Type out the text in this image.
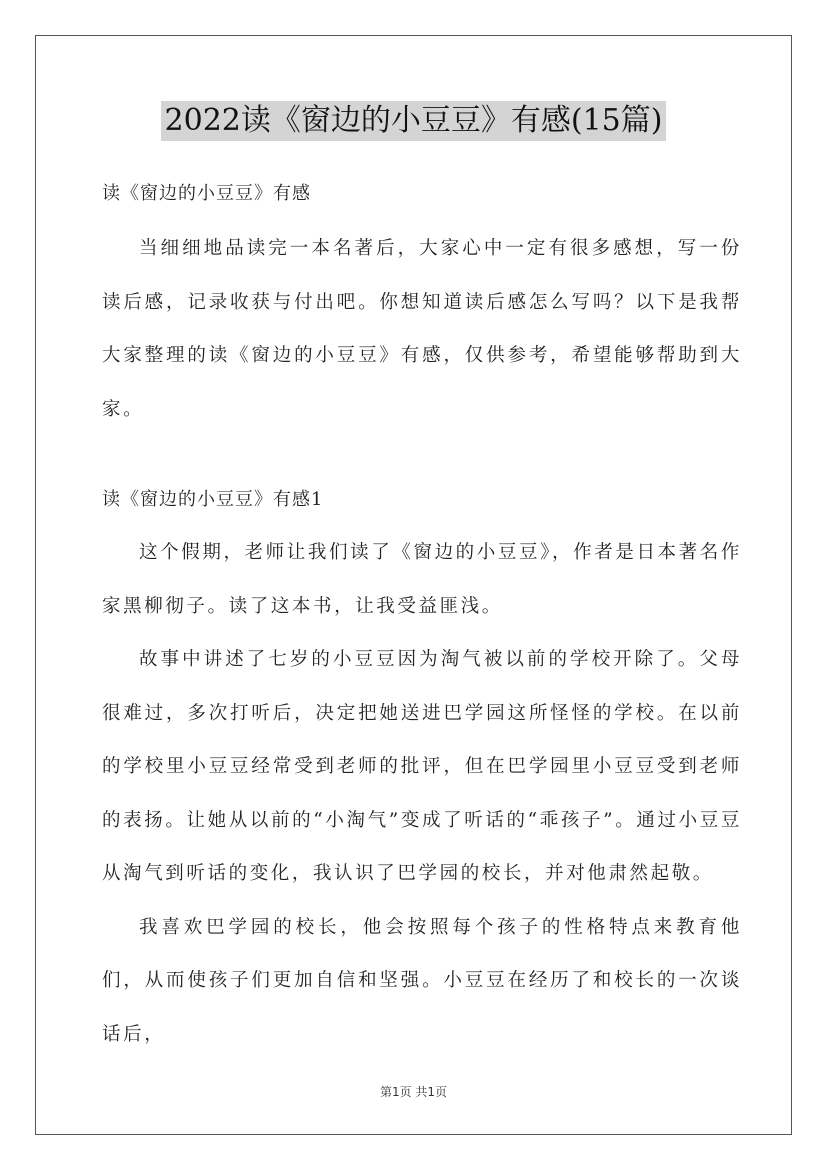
2022读《窗边的小豆豆》有感(15篇)

读《窗边的小豆豆》有感

当细细地品读完一本名著后，大家心中一定有很多感想，写一份读后感，记录收获与付出吧。你想知道读后感怎么写吗？以下是我帮大家整理的读《窗边的小豆豆》有感，仅供参考，希望能够帮助到大家。

读《窗边的小豆豆》有感1

这个假期，老师让我们读了《窗边的小豆豆》，作者是日本著名作家黑柳彻子。读了这本书，让我受益匪浅。

故事中讲述了七岁的小豆豆因为淘气被以前的学校开除了。父母很难过，多次打听后，决定把她送进巴学园这所怪怪的学校。在以前的学校里小豆豆经常受到老师的批评，但在巴学园里小豆豆受到老师的表扬。让她从以前的“小淘气”变成了听话的“乖孩子”。通过小豆豆从淘气到听话的变化，我认识了巴学园的校长，并对他肃然起敬。

我喜欢巴学园的校长，他会按照每个孩子的性格特点来教育他们，从而使孩子们更加自信和坚强。小豆豆在经历了和校长的一次谈话后，

第1页 共1页
